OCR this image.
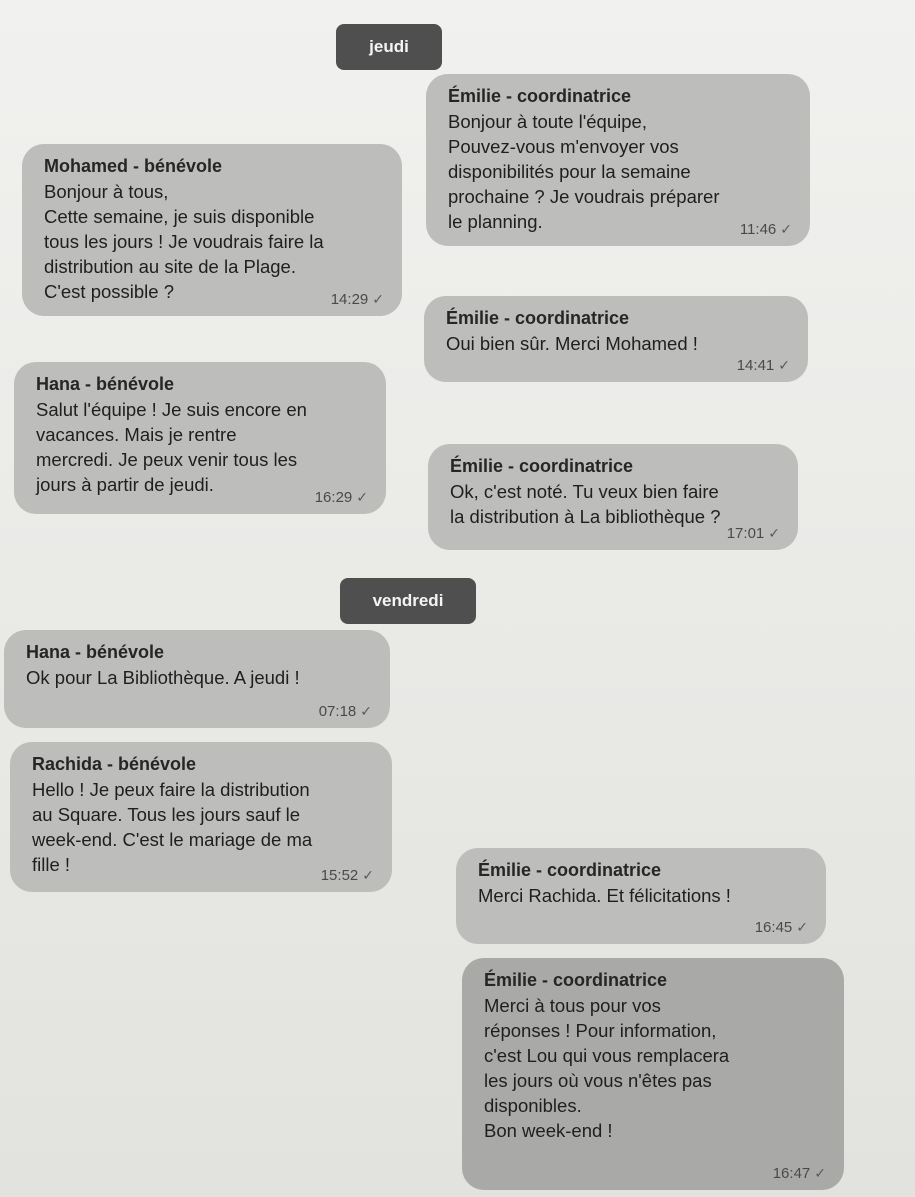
jeudi
Émilie - coordinatrice
Bonjour à toute l'équipe,
Pouvez-vous m'envoyer vos
disponibilités pour la semaine
prochaine ? Je voudrais préparer
le planning.	11:46 ✓
Mohamed - bénévole
Bonjour à tous,
Cette semaine, je suis disponible
tous les jours ! Je voudrais faire la
distribution au site de la Plage.
C'est possible ?	14:29 ✓
Émilie - coordinatrice
Oui bien sûr. Merci Mohamed !
14:41 ✓
Hana - bénévole
Salut l'équipe ! Je suis encore en
vacances. Mais je rentre
mercredi. Je peux venir tous les
jours à partir de jeudi.
16:29 ✓
Émilie - coordinatrice
Ok, c'est noté. Tu veux bien faire
la distribution à La bibliothèque ?
17:01 ✓
vendredi
Hana - bénévole
Ok pour La Bibliothèque. A jeudi !
07:18 ✓
Rachida - bénévole
Hello ! Je peux faire la distribution
au Square. Tous les jours sauf le
week-end. C'est le mariage de ma
fille !
15:52 ✓	Émilie - coordinatrice
Merci Rachida. Et félicitations !
16:45 ✓
Émilie - coordinatrice
Merci à tous pour vos
réponses ! Pour information,
c'est Lou qui vous remplacera
les jours où vous n'êtes pas
disponibles.
Bon week-end !
16:47 ✓
